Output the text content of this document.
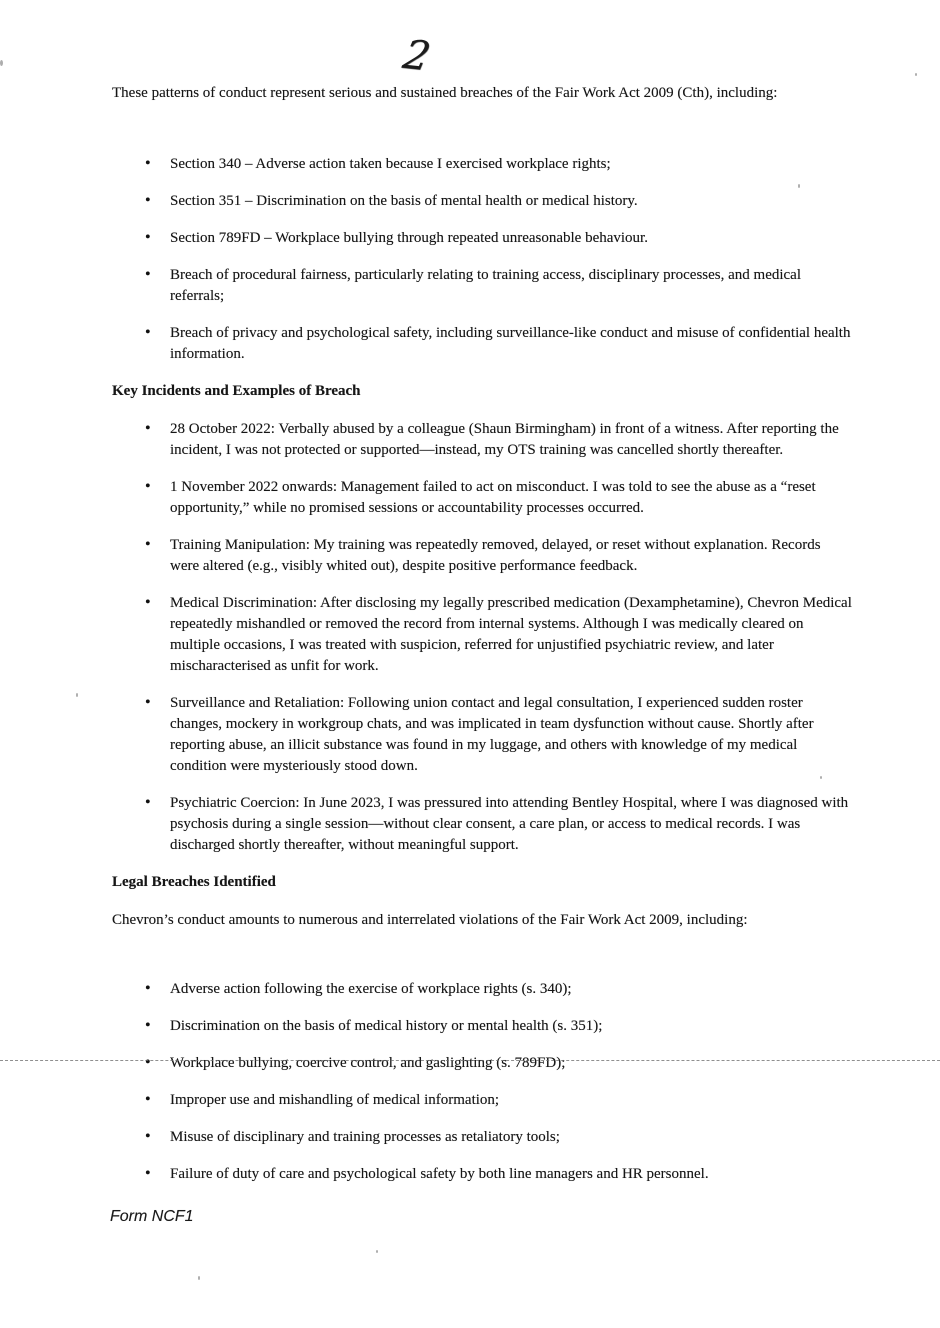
2

These patterns of conduct represent serious and sustained breaches of the Fair Work Act 2009 (Cth), including:

• Section 340 – Adverse action taken because I exercised workplace rights;
• Section 351 – Discrimination on the basis of mental health or medical history.
• Section 789FD – Workplace bullying through repeated unreasonable behaviour.
• Breach of procedural fairness, particularly relating to training access, disciplinary processes, and medical referrals;
• Breach of privacy and psychological safety, including surveillance-like conduct and misuse of confidential health information.
Key Incidents and Examples of Breach
• 28 October 2022: Verbally abused by a colleague (Shaun Birmingham) in front of a witness. After reporting the incident, I was not protected or supported—instead, my OTS training was cancelled shortly thereafter.
• 1 November 2022 onwards: Management failed to act on misconduct. I was told to see the abuse as a “reset opportunity,” while no promised sessions or accountability processes occurred.
• Training Manipulation: My training was repeatedly removed, delayed, or reset without explanation. Records were altered (e.g., visibly whited out), despite positive performance feedback.
• Medical Discrimination: After disclosing my legally prescribed medication (Dexamphetamine), Chevron Medical repeatedly mishandled or removed the record from internal systems. Although I was medically cleared on multiple occasions, I was treated with suspicion, referred for unjustified psychiatric review, and later mischaracterised as unfit for work.
• Surveillance and Retaliation: Following union contact and legal consultation, I experienced sudden roster changes, mockery in workgroup chats, and was implicated in team dysfunction without cause. Shortly after reporting abuse, an illicit substance was found in my luggage, and others with knowledge of my medical condition were mysteriously stood down.
• Psychiatric Coercion: In June 2023, I was pressured into attending Bentley Hospital, where I was diagnosed with psychosis during a single session—without clear consent, a care plan, or access to medical records. I was discharged shortly thereafter, without meaningful support.
Legal Breaches Identified

Chevron’s conduct amounts to numerous and interrelated violations of the Fair Work Act 2009, including:

• Adverse action following the exercise of workplace rights (s. 340);
• Discrimination on the basis of medical history or mental health (s. 351);
• Workplace bullying, coercive control, and gaslighting (s. 789FD);
• Improper use and mishandling of medical information;
• Misuse of disciplinary and training processes as retaliatory tools;
• Failure of duty of care and psychological safety by both line managers and HR personnel.
Form NCF1
